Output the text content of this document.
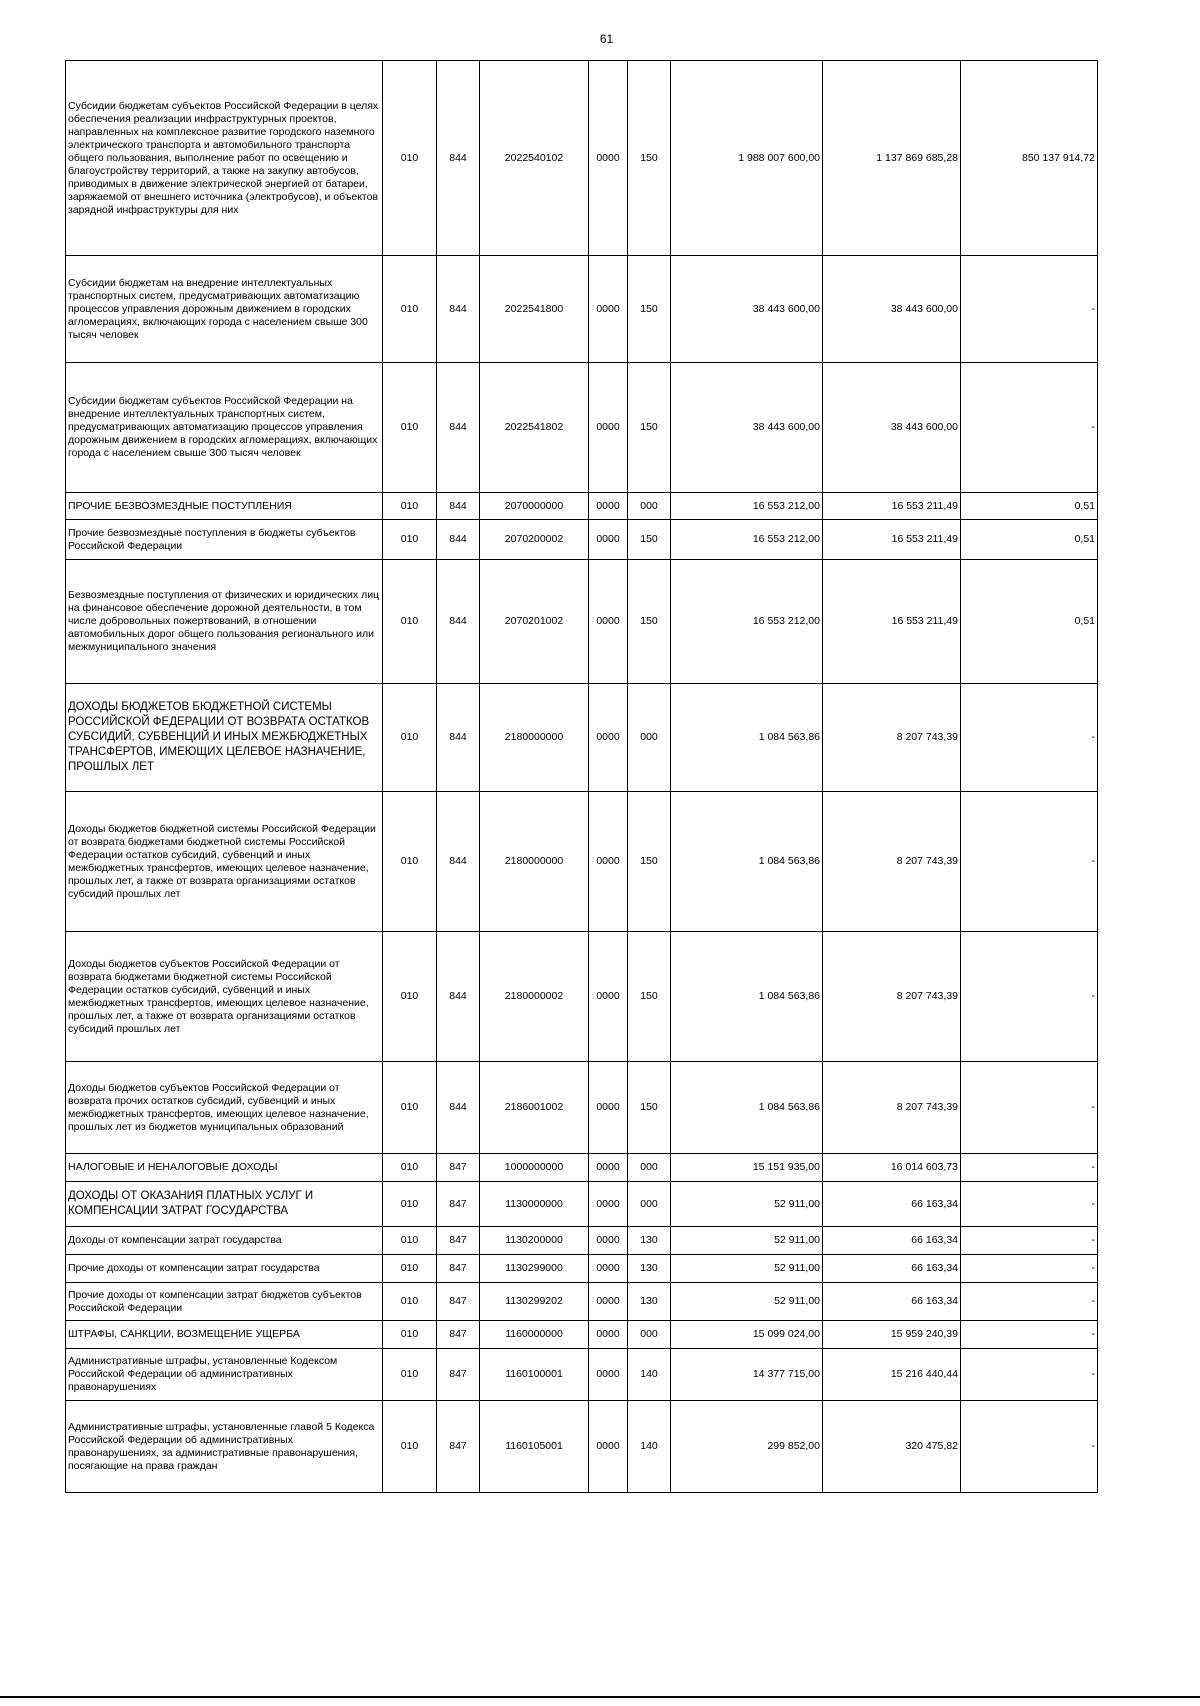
61
Субсидии бюджетам субъектов Российской Федерации в целях обеспечения реализации инфраструктурных проектов, направленных на комплексное развитие городского наземного электрического транспорта и автомобильного транспорта общего пользования, выполнение работ по освещению и благоустройству территорий, а также на закупку автобусов, приводимых в движение электрической энергией от батареи, заряжаемой от внешнего источника (электробусов), и объектов зарядной инфраструктуры для них	010	844	2022540102	0000	150	1 988 007 600,00	1 137 869 685,28	850 137 914,72
Субсидии бюджетам на внедрение интеллектуальных транспортных систем, предусматривающих автоматизацию процессов управления дорожным движением в городских агломерациях, включающих города с населением свыше 300 тысяч человек	010	844	2022541800	0000	150	38 443 600,00	38 443 600,00	-
Субсидии бюджетам субъектов Российской Федерации на внедрение интеллектуальных транспортных систем, предусматривающих автоматизацию процессов управления дорожным движением в городских агломерациях, включающих города с населением свыше 300 тысяч человек	010	844	2022541802	0000	150	38 443 600,00	38 443 600,00	-
ПРОЧИЕ БЕЗВОЗМЕЗДНЫЕ ПОСТУПЛЕНИЯ	010	844	2070000000	0000	000	16 553 212,00	16 553 211,49	0,51
Прочие безвозмездные поступления в бюджеты субъектов Российской Федерации	010	844	2070200002	0000	150	16 553 212,00	16 553 211,49	0,51
Безвозмездные поступления от физических и юридических лиц на финансовое обеспечение дорожной деятельности, в том числе добровольных пожертвований, в отношении автомобильных дорог общего пользования регионального или межмуниципального значения	010	844	2070201002	0000	150	16 553 212,00	16 553 211,49	0,51
ДОХОДЫ БЮДЖЕТОВ БЮДЖЕТНОЙ СИСТЕМЫ РОССИЙСКОЙ ФЕДЕРАЦИИ ОТ ВОЗВРАТА ОСТАТКОВ СУБСИДИЙ, СУБВЕНЦИЙ И ИНЫХ МЕЖБЮДЖЕТНЫХ ТРАНСФЕРТОВ, ИМЕЮЩИХ ЦЕЛЕВОЕ НАЗНАЧЕНИЕ, ПРОШЛЫХ ЛЕТ	010	844	2180000000	0000	000	1 084 563,86	8 207 743,39	-
Доходы бюджетов бюджетной системы Российской Федерации от возврата бюджетами бюджетной системы Российской Федерации остатков субсидий, субвенций и иных межбюджетных трансфертов, имеющих целевое назначение, прошлых лет, а также от возврата организациями остатков субсидий прошлых лет	010	844	2180000000	0000	150	1 084 563,86	8 207 743,39	-
Доходы бюджетов субъектов Российской Федерации от возврата бюджетами бюджетной системы Российской Федерации остатков субсидий, субвенций и иных межбюджетных трансфертов, имеющих целевое назначение, прошлых лет, а также от возврата организациями остатков субсидий прошлых лет	010	844	2180000002	0000	150	1 084 563,86	8 207 743,39	-
Доходы бюджетов субъектов Российской Федерации от возврата прочих остатков субсидий, субвенций и иных межбюджетных трансфертов, имеющих целевое назначение, прошлых лет из бюджетов муниципальных образований	010	844	2186001002	0000	150	1 084 563,86	8 207 743,39	-
НАЛОГОВЫЕ И НЕНАЛОГОВЫЕ ДОХОДЫ	010	847	1000000000	0000	000	15 151 935,00	16 014 603,73	-
ДОХОДЫ ОТ ОКАЗАНИЯ ПЛАТНЫХ УСЛУГ И КОМПЕНСАЦИИ ЗАТРАТ ГОСУДАРСТВА	010	847	1130000000	0000	000	52 911,00	66 163,34	-
Доходы от компенсации затрат государства	010	847	1130200000	0000	130	52 911,00	66 163,34	-
Прочие доходы от компенсации затрат государства	010	847	1130299000	0000	130	52 911,00	66 163,34	-
Прочие доходы от компенсации затрат бюджетов субъектов Российской Федерации	010	847	1130299202	0000	130	52 911,00	66 163,34	-
ШТРАФЫ, САНКЦИИ, ВОЗМЕЩЕНИЕ УЩЕРБА	010	847	1160000000	0000	000	15 099 024,00	15 959 240,39	-
Административные штрафы, установленные Кодексом Российской Федерации об административных правонарушениях	010	847	1160100001	0000	140	14 377 715,00	15 216 440,44	-
Административные штрафы, установленные главой 5 Кодекса Российской Федерации об административных правонарушениях, за административные правонарушения, посягающие на права граждан	010	847	1160105001	0000	140	299 852,00	320 475,82	-
